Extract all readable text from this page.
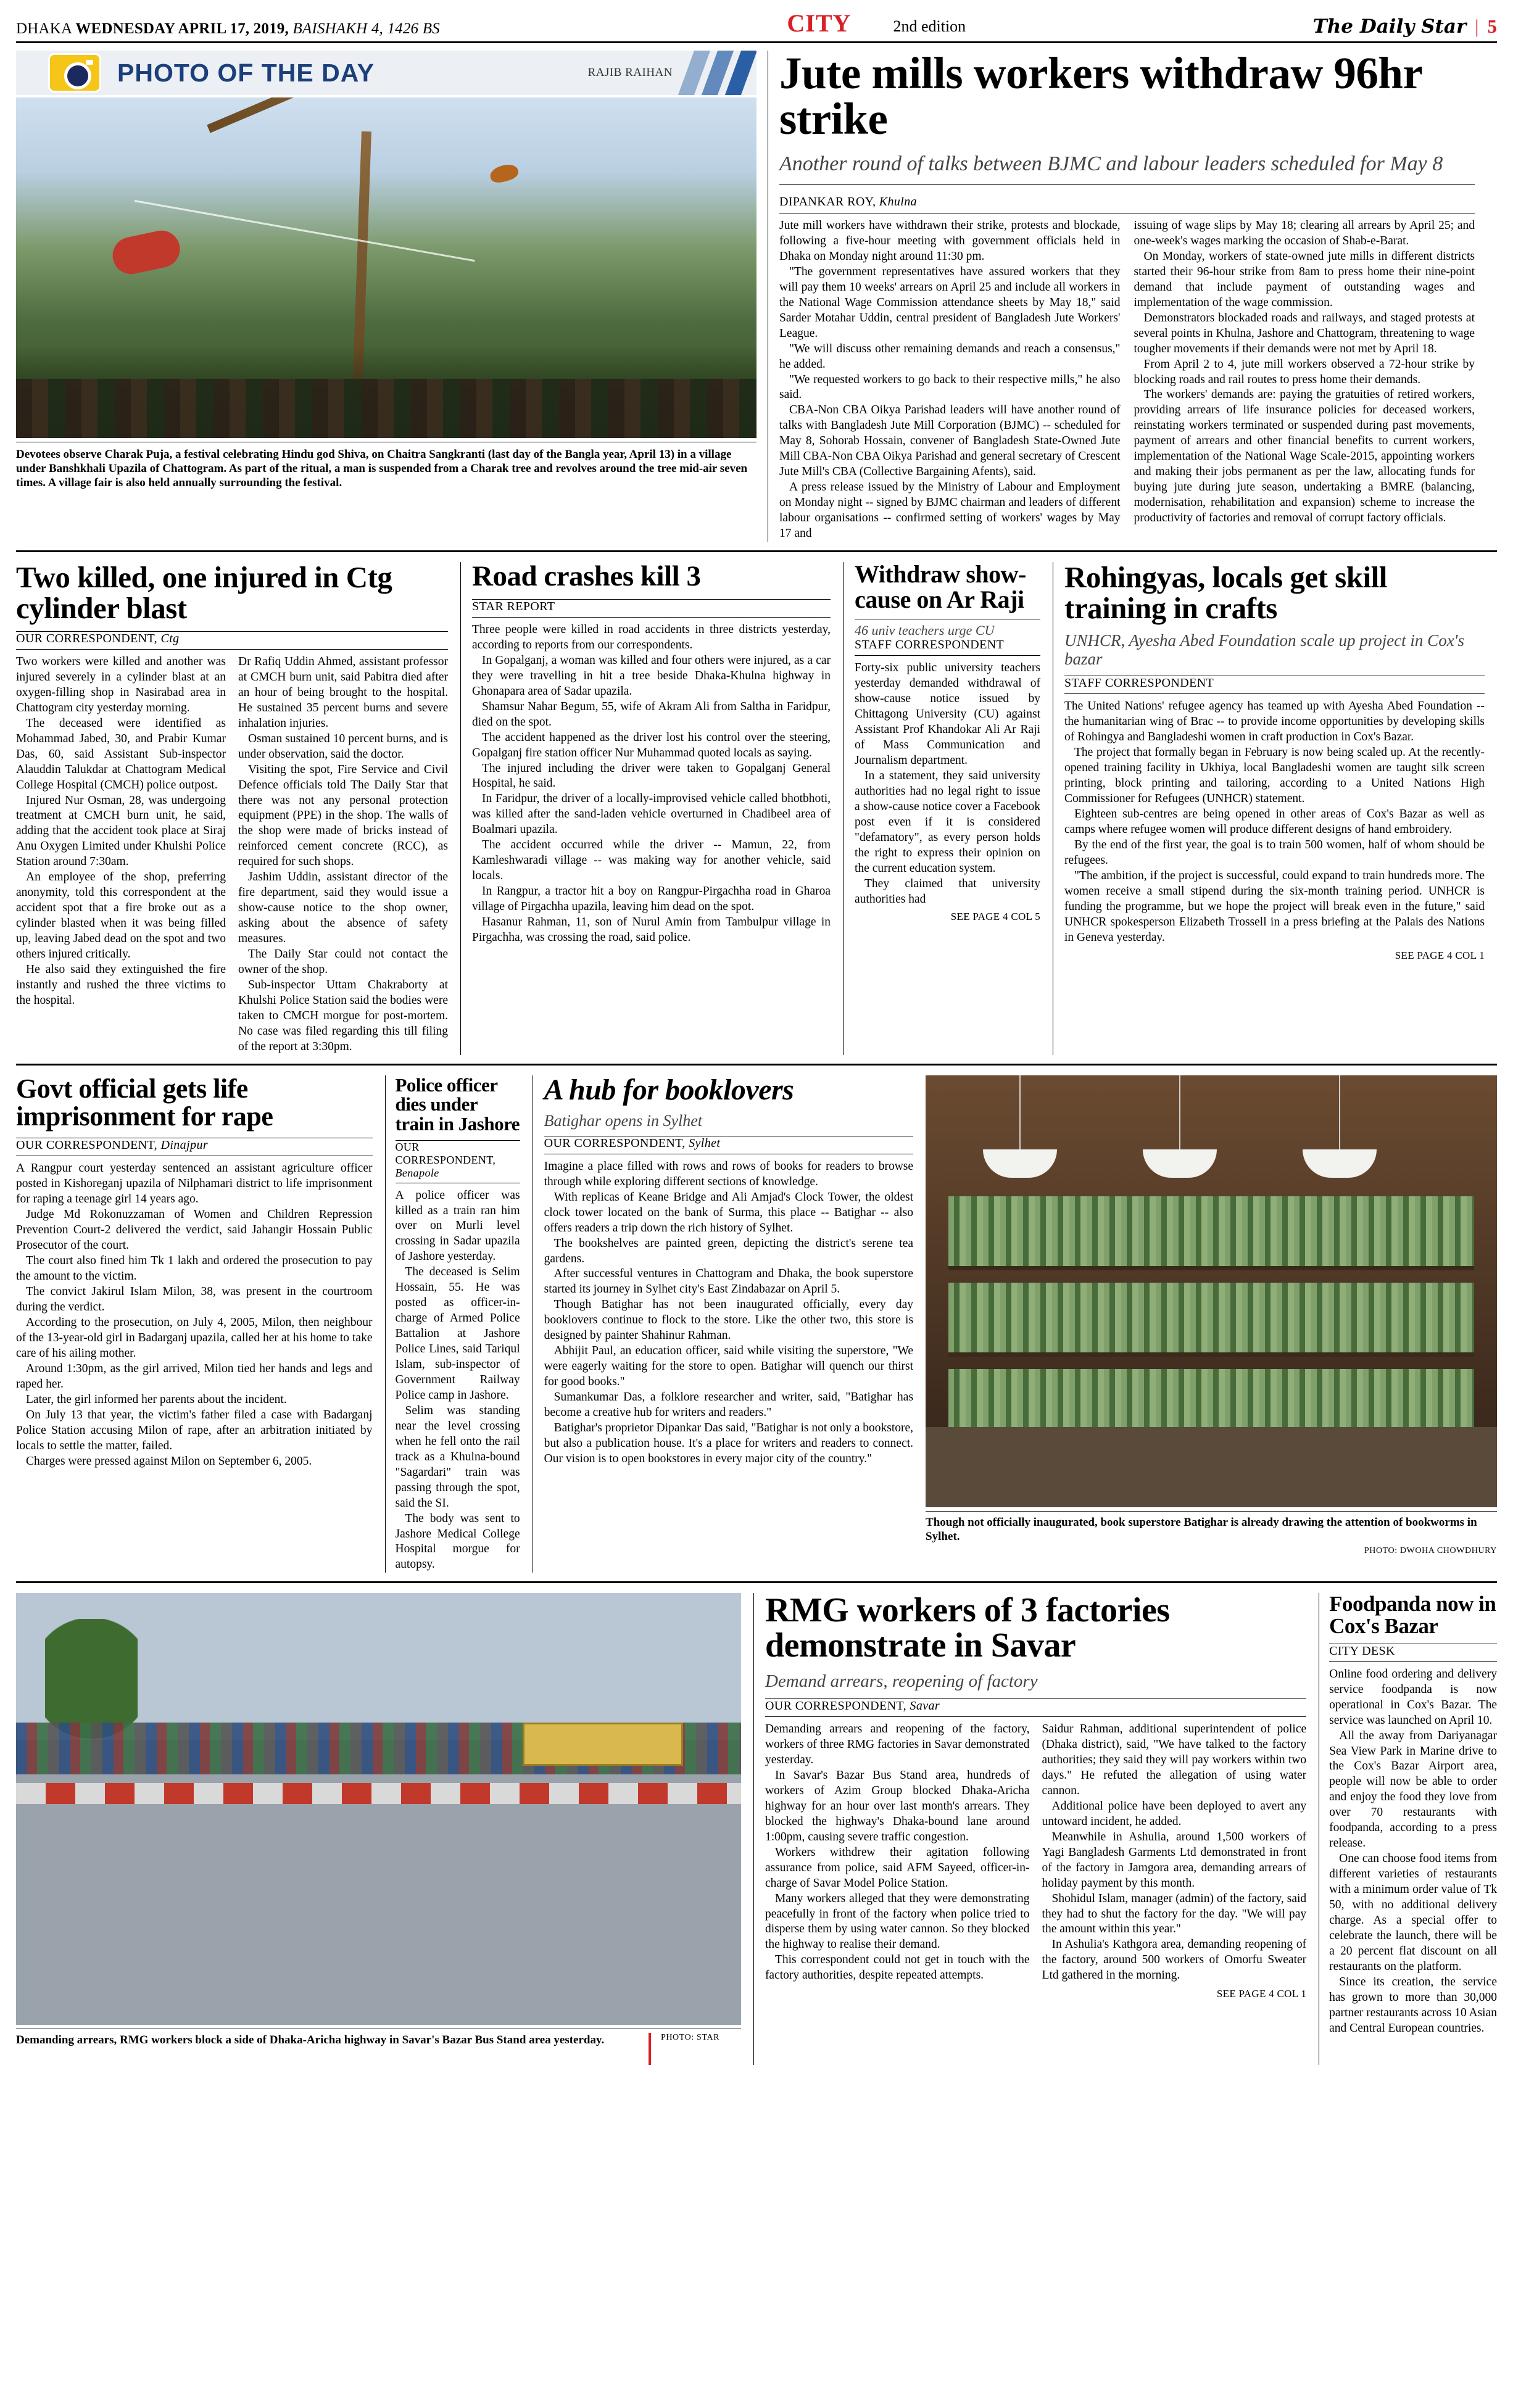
DHAKA WEDNESDAY APRIL 17, 2019, BAISHAKH 4, 1426 BS	CITY	2nd edition	The Daily Star | 5
PHOTO OF THE DAY	RAJIB RAIHAN
Devotees observe Charak Puja, a festival celebrating Hindu god Shiva, on Chaitra Sangkranti (last day of the Bangla year, April 13) in a village under Banshkhali Upazila of Chattogram. As part of the ritual, a man is suspended from a Charak tree and revolves around the tree mid-air seven times. A village fair is also held annually surrounding the festival.
Jute mills workers withdraw 96hr strike
Another round of talks between BJMC and labour leaders scheduled for May 8
DIPANKAR ROY, Khulna

Jute mill workers have withdrawn their strike, protests and blockade, following a five-hour meeting with government officials held in Dhaka on Monday night around 11:30 pm.

"The government representatives have assured workers that they will pay them 10 weeks' arrears on April 25 and include all workers in the National Wage Commission attendance sheets by May 18," said Sarder Motahar Uddin, central president of Bangladesh Jute Workers' League.

"We will discuss other remaining demands and reach a consensus," he added.

"We requested workers to go back to their respective mills," he also said.

CBA-Non CBA Oikya Parishad leaders will have another round of talks with Bangladesh Jute Mill Corporation (BJMC) -- scheduled for May 8, Sohorab Hossain, convener of Bangladesh State-Owned Jute Mill CBA-Non CBA Oikya Parishad and general secretary of Crescent Jute Mill's CBA (Collective Bargaining Afents), said.

A press release issued by the Ministry of Labour and Employment on Monday night -- signed by BJMC chairman and leaders of different labour organisations -- confirmed setting of workers' wages by May 17 and

issuing of wage slips by May 18; clearing all arrears by April 25; and one-week's wages marking the occasion of Shab-e-Barat.

On Monday, workers of state-owned jute mills in different districts started their 96-hour strike from 8am to press home their nine-point demand that include payment of outstanding wages and implementation of the wage commission.

Demonstrators blockaded roads and railways, and staged protests at several points in Khulna, Jashore and Chattogram, threatening to wage tougher movements if their demands were not met by April 18.

From April 2 to 4, jute mill workers observed a 72-hour strike by blocking roads and rail routes to press home their demands.

The workers' demands are: paying the gratuities of retired workers, providing arrears of life insurance policies for deceased workers, reinstating workers terminated or suspended during past movements, payment of arrears and other financial benefits to current workers, implementation of the National Wage Scale-2015, appointing workers and making their jobs permanent as per the law, allocating funds for buying jute during jute season, undertaking a BMRE (balancing, modernisation, rehabilitation and expansion) scheme to increase the productivity of factories and removal of corrupt factory officials.

Two killed, one injured in Ctg cylinder blast
OUR CORRESPONDENT, Ctg

Two workers were killed and another was injured severely in a cylinder blast at an oxygen-filling shop in Nasirabad area in Chattogram city yesterday morning.

The deceased were identified as Mohammad Jabed, 30, and Prabir Kumar Das, 60, said Assistant Sub-inspector Alauddin Talukdar at Chattogram Medical College Hospital (CMCH) police outpost.

Injured Nur Osman, 28, was undergoing treatment at CMCH burn unit, he said, adding that the accident took place at Siraj Anu Oxygen Limited under Khulshi Police Station around 7:30am.

An employee of the shop, preferring anonymity, told this correspondent at the accident spot that a fire broke out as a cylinder blasted when it was being filled up, leaving Jabed dead on the spot and two others injured critically.

He also said they extinguished the fire instantly and rushed the three victims to the hospital.

Dr Rafiq Uddin Ahmed, assistant professor at CMCH burn unit, said Pabitra died after an hour of being brought to the hospital. He sustained 35 percent burns and severe inhalation injuries.

Osman sustained 10 percent burns, and is under observation, said the doctor.

Visiting the spot, Fire Service and Civil Defence officials told The Daily Star that there was not any personal protection equipment (PPE) in the shop. The walls of the shop were made of bricks instead of reinforced cement concrete (RCC), as required for such shops.

Jashim Uddin, assistant director of the fire department, said they would issue a show-cause notice to the shop owner, asking about the absence of safety measures.

The Daily Star could not contact the owner of the shop.

Sub-inspector Uttam Chakraborty at Khulshi Police Station said the bodies were taken to CMCH morgue for post-mortem. No case was filed regarding this till filing of the report at 3:30pm.

Road crashes kill 3
STAR REPORT

Three people were killed in road accidents in three districts yesterday, according to reports from our correspondents.

In Gopalganj, a woman was killed and four others were injured, as a car they were travelling in hit a tree beside Dhaka-Khulna highway in Ghonapara area of Sadar upazila.

Shamsur Nahar Begum, 55, wife of Akram Ali from Saltha in Faridpur, died on the spot.

The accident happened as the driver lost his control over the steering, Gopalganj fire station officer Nur Muhammad quoted locals as saying.

The injured including the driver were taken to Gopalganj General Hospital, he said.

In Faridpur, the driver of a locally-improvised vehicle called bhotbhoti, was killed after the sand-laden vehicle overturned in Chadibeel area of Boalmari upazila.

The accident occurred while the driver -- Mamun, 22, from Kamleshwaradi village -- was making way for another vehicle, said locals.

In Rangpur, a tractor hit a boy on Rangpur-Pirgachha road in Gharoa village of Pirgachha upazila, leaving him dead on the spot.

Hasanur Rahman, 11, son of Nurul Amin from Tambulpur village in Pirgachha, was crossing the road, said police.

Withdraw show-cause on Ar Raji
46 univ teachers urge CU
STAFF CORRESPONDENT

Forty-six public university teachers yesterday demanded withdrawal of show-cause notice issued by Chittagong University (CU) against Assistant Prof Khandokar Ali Ar Raji of Mass Communication and Journalism department.

In a statement, they said university authorities had no legal right to issue a show-cause notice cover a Facebook post even if it is considered "defamatory", as every person holds the right to express their opinion on the current education system.

They claimed that university authorities had

SEE PAGE 4 COL 5
Rohingyas, locals get skill training in crafts
UNHCR, Ayesha Abed Foundation scale up project in Cox's bazar
STAFF CORRESPONDENT

The United Nations' refugee agency has teamed up with Ayesha Abed Foundation -- the humanitarian wing of Brac -- to provide income opportunities by developing skills of Rohingya and Bangladeshi women in craft production in Cox's Bazar.

The project that formally began in February is now being scaled up. At the recently-opened training facility in Ukhiya, local Bangladeshi women are taught silk screen printing, block printing and tailoring, according to a United Nations High Commissioner for Refugees (UNHCR) statement.

Eighteen sub-centres are being opened in other areas of Cox's Bazar as well as camps where refugee women will produce different designs of hand embroidery.

By the end of the first year, the goal is to train 500 women, half of whom should be refugees.

"The ambition, if the project is successful, could expand to train hundreds more. The women receive a small stipend during the six-month training period. UNHCR is funding the programme, but we hope the project will break even in the future," said UNHCR spokesperson Elizabeth Trossell in a press briefing at the Palais des Nations in Geneva yesterday.

SEE PAGE 4 COL 1
Govt official gets life imprisonment for rape
OUR CORRESPONDENT, Dinajpur

A Rangpur court yesterday sentenced an assistant agriculture officer posted in Kishoreganj upazila of Nilphamari district to life imprisonment for raping a teenage girl 14 years ago.

Judge Md Rokonuzzaman of Women and Children Repression Prevention Court-2 delivered the verdict, said Jahangir Hossain Public Prosecutor of the court.

The court also fined him Tk 1 lakh and ordered the prosecution to pay the amount to the victim.

The convict Jakirul Islam Milon, 38, was present in the courtroom during the verdict.

According to the prosecution, on July 4, 2005, Milon, then neighbour of the 13-year-old girl in Badarganj upazila, called her at his home to take care of his ailing mother.

Around 1:30pm, as the girl arrived, Milon tied her hands and legs and raped her.

Later, the girl informed her parents about the incident.

On July 13 that year, the victim's father filed a case with Badarganj Police Station accusing Milon of rape, after an arbitration initiated by locals to settle the matter, failed.

Charges were pressed against Milon on September 6, 2005.

Police officer dies under train in Jashore
OUR CORRESPONDENT, Benapole

A police officer was killed as a train ran him over on Murli level crossing in Sadar upazila of Jashore yesterday.

The deceased is Selim Hossain, 55. He was posted as officer-in-charge of Armed Police Battalion at Jashore Police Lines, said Tariqul Islam, sub-inspector of Government Railway Police camp in Jashore.

Selim was standing near the level crossing when he fell onto the rail track as a Khulna-bound "Sagardari" train was passing through the spot, said the SI.

The body was sent to Jashore Medical College Hospital morgue for autopsy.

A hub for booklovers
Batighar opens in Sylhet
OUR CORRESPONDENT, Sylhet

Imagine a place filled with rows and rows of books for readers to browse through while exploring different sections of knowledge.

With replicas of Keane Bridge and Ali Amjad's Clock Tower, the oldest clock tower located on the bank of Surma, this place -- Batighar -- also offers readers a trip down the rich history of Sylhet.

The bookshelves are painted green, depicting the district's serene tea gardens.

After successful ventures in Chattogram and Dhaka, the book superstore started its journey in Sylhet city's East Zindabazar on April 5.

Though Batighar has not been inaugurated officially, every day booklovers continue to flock to the store. Like the other two, this store is designed by painter Shahinur Rahman.

Abhijit Paul, an education officer, said while visiting the superstore, "We were eagerly waiting for the store to open. Batighar will quench our thirst for good books."

Sumankumar Das, a folklore researcher and writer, said, "Batighar has become a creative hub for writers and readers."

Batighar's proprietor Dipankar Das said, "Batighar is not only a bookstore, but also a publication house. It's a place for writers and readers to connect. Our vision is to open bookstores in every major city of the country."

Though not officially inaugurated, book superstore Batighar is already drawing the attention of bookworms in Sylhet.
PHOTO: DWOHA CHOWDHURY
Demanding arrears, RMG workers block a side of Dhaka-Aricha highway in Savar's Bazar Bus Stand area yesterday.	PHOTO: STAR
RMG workers of 3 factories demonstrate in Savar
Demand arrears, reopening of factory
OUR CORRESPONDENT, Savar

Demanding arrears and reopening of the factory, workers of three RMG factories in Savar demonstrated yesterday.

In Savar's Bazar Bus Stand area, hundreds of workers of Azim Group blocked Dhaka-Aricha highway for an hour over last month's arrears. They blocked the highway's Dhaka-bound lane around 1:00pm, causing severe traffic congestion.

Workers withdrew their agitation following assurance from police, said AFM Sayeed, officer-in-charge of Savar Model Police Station.

Many workers alleged that they were demonstrating peacefully in front of the factory when police tried to disperse them by using water cannon. So they blocked the highway to realise their demand.

This correspondent could not get in touch with the factory authorities, despite repeated attempts.

Saidur Rahman, additional superintendent of police (Dhaka district), said, "We have talked to the factory authorities; they said they will pay workers within two days." He refuted the allegation of using water cannon.

Additional police have been deployed to avert any untoward incident, he added.

Meanwhile in Ashulia, around 1,500 workers of Yagi Bangladesh Garments Ltd demonstrated in front of the factory in Jamgora area, demanding arrears of holiday payment by this month.

Shohidul Islam, manager (admin) of the factory, said they had to shut the factory for the day. "We will pay the amount within this year."

In Ashulia's Kathgora area, demanding reopening of the factory, around 500 workers of Omorfu Sweater Ltd gathered in the morning.

SEE PAGE 4 COL 1
Foodpanda now in Cox's Bazar
CITY DESK

Online food ordering and delivery service foodpanda is now operational in Cox's Bazar. The service was launched on April 10.

All the away from Dariyanagar Sea View Park in Marine drive to the Cox's Bazar Airport area, people will now be able to order and enjoy the food they love from over 70 restaurants with foodpanda, according to a press release.

One can choose food items from different varieties of restaurants with a minimum order value of Tk 50, with no additional delivery charge. As a special offer to celebrate the launch, there will be a 20 percent flat discount on all restaurants on the platform.

Since its creation, the service has grown to more than 30,000 partner restaurants across 10 Asian and Central European countries.
